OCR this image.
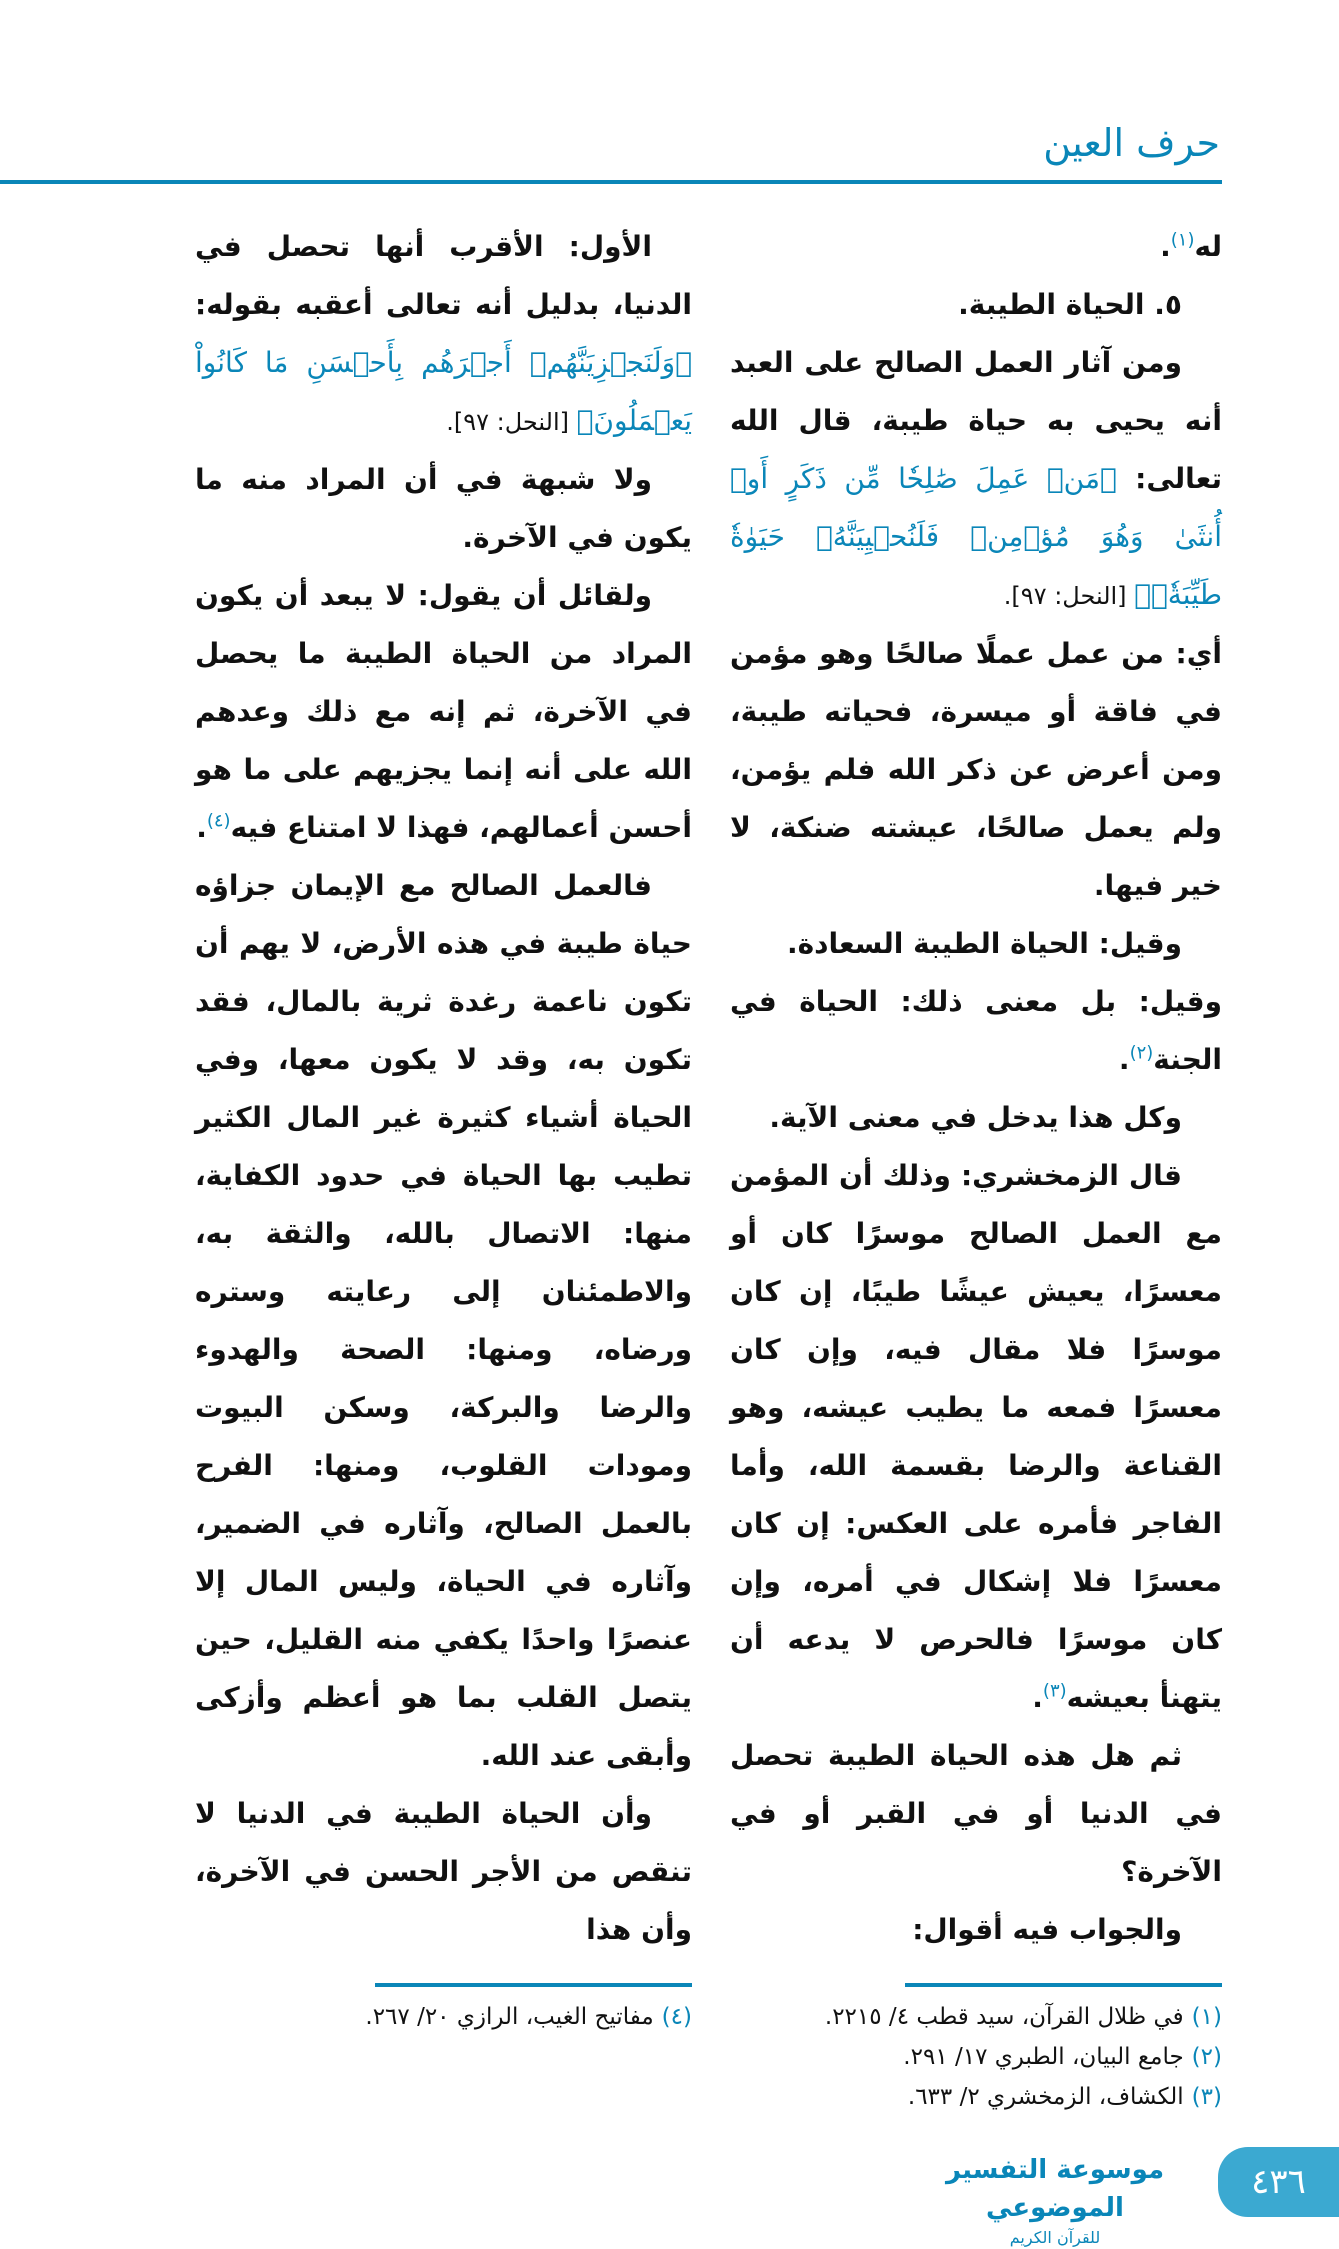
حرف العين

له$^{(١)}$.

٥. الحياة الطيبة.

ومن آثار العمل الصالح على العبد أنه يحيى به حياة طيبة، قال الله تعالى: ﴿مَنۡ عَمِلَ صَٰلِحٗا مِّن ذَكَرٍ أَوۡ أُنثَىٰ وَهُوَ مُؤۡمِنٞ فَلَنُحۡيِيَنَّهُۥ حَيَوٰةٗ طَيِّبَةٗۖ﴾ [النحل: ٩٧].

أي: من عمل عملًا صالحًا وهو مؤمن في فاقة أو ميسرة، فحياته طيبة، ومن أعرض عن ذكر الله فلم يؤمن، ولم يعمل صالحًا، عيشته ضنكة، لا خير فيها.

وقيل: الحياة الطيبة السعادة.

وقيل: بل معنى ذلك: الحياة في الجنة$^{(٢)}$.

وكل هذا يدخل في معنى الآية.

قال الزمخشري: وذلك أن المؤمن مع العمل الصالح موسرًا كان أو معسرًا، يعيش عيشًا طيبًا، إن كان موسرًا فلا مقال فيه، وإن كان معسرًا فمعه ما يطيب عيشه، وهو القناعة والرضا بقسمة الله، وأما الفاجر فأمره على العكس: إن كان معسرًا فلا إشكال في أمره، وإن كان موسرًا فالحرص لا يدعه أن يتهنأ بعيشه$^{(٣)}$.

ثم هل هذه الحياة الطيبة تحصل في الدنيا أو في القبر أو في الآخرة؟

والجواب فيه أقوال:

(١)في ظلال القرآن، سيد قطب ٤/ ٢٢١٥.
(٢)جامع البيان، الطبري ١٧/ ٢٩١.
(٣)الكشاف، الزمخشري ٢/ ٦٣٣.

الأول: الأقرب أنها تحصل في الدنيا، بدليل أنه تعالى أعقبه بقوله: ﴿وَلَنَجۡزِيَنَّهُمۡ أَجۡرَهُم بِأَحۡسَنِ مَا كَانُواْ يَعۡمَلُونَ﴾ [النحل: ٩٧].

ولا شبهة في أن المراد منه ما يكون في الآخرة.

ولقائل أن يقول: لا يبعد أن يكون المراد من الحياة الطيبة ما يحصل في الآخرة، ثم إنه مع ذلك وعدهم الله على أنه إنما يجزيهم على ما هو أحسن أعمالهم، فهذا لا امتناع فيه$^{(٤)}$.

فالعمل الصالح مع الإيمان جزاؤه حياة طيبة في هذه الأرض، لا يهم أن تكون ناعمة رغدة ثرية بالمال، فقد تكون به، وقد لا يكون معها، وفي الحياة أشياء كثيرة غير المال الكثير تطيب بها الحياة في حدود الكفاية، منها: الاتصال بالله، والثقة به، والاطمئنان إلى رعايته وستره ورضاه، ومنها: الصحة والهدوء والرضا والبركة، وسكن البيوت ومودات القلوب، ومنها: الفرح بالعمل الصالح، وآثاره في الضمير، وآثاره في الحياة، وليس المال إلا عنصرًا واحدًا يكفي منه القليل، حين يتصل القلب بما هو أعظم وأزكى وأبقى عند الله.

وأن الحياة الطيبة في الدنيا لا تنقص من الأجر الحسن في الآخرة، وأن هذا

(٤)مفاتيح الغيب، الرازي ٢٠/ ٢٦٧.
موسوعة التفسير الموضوعي
للقرآن الكريم
٤٣٦
